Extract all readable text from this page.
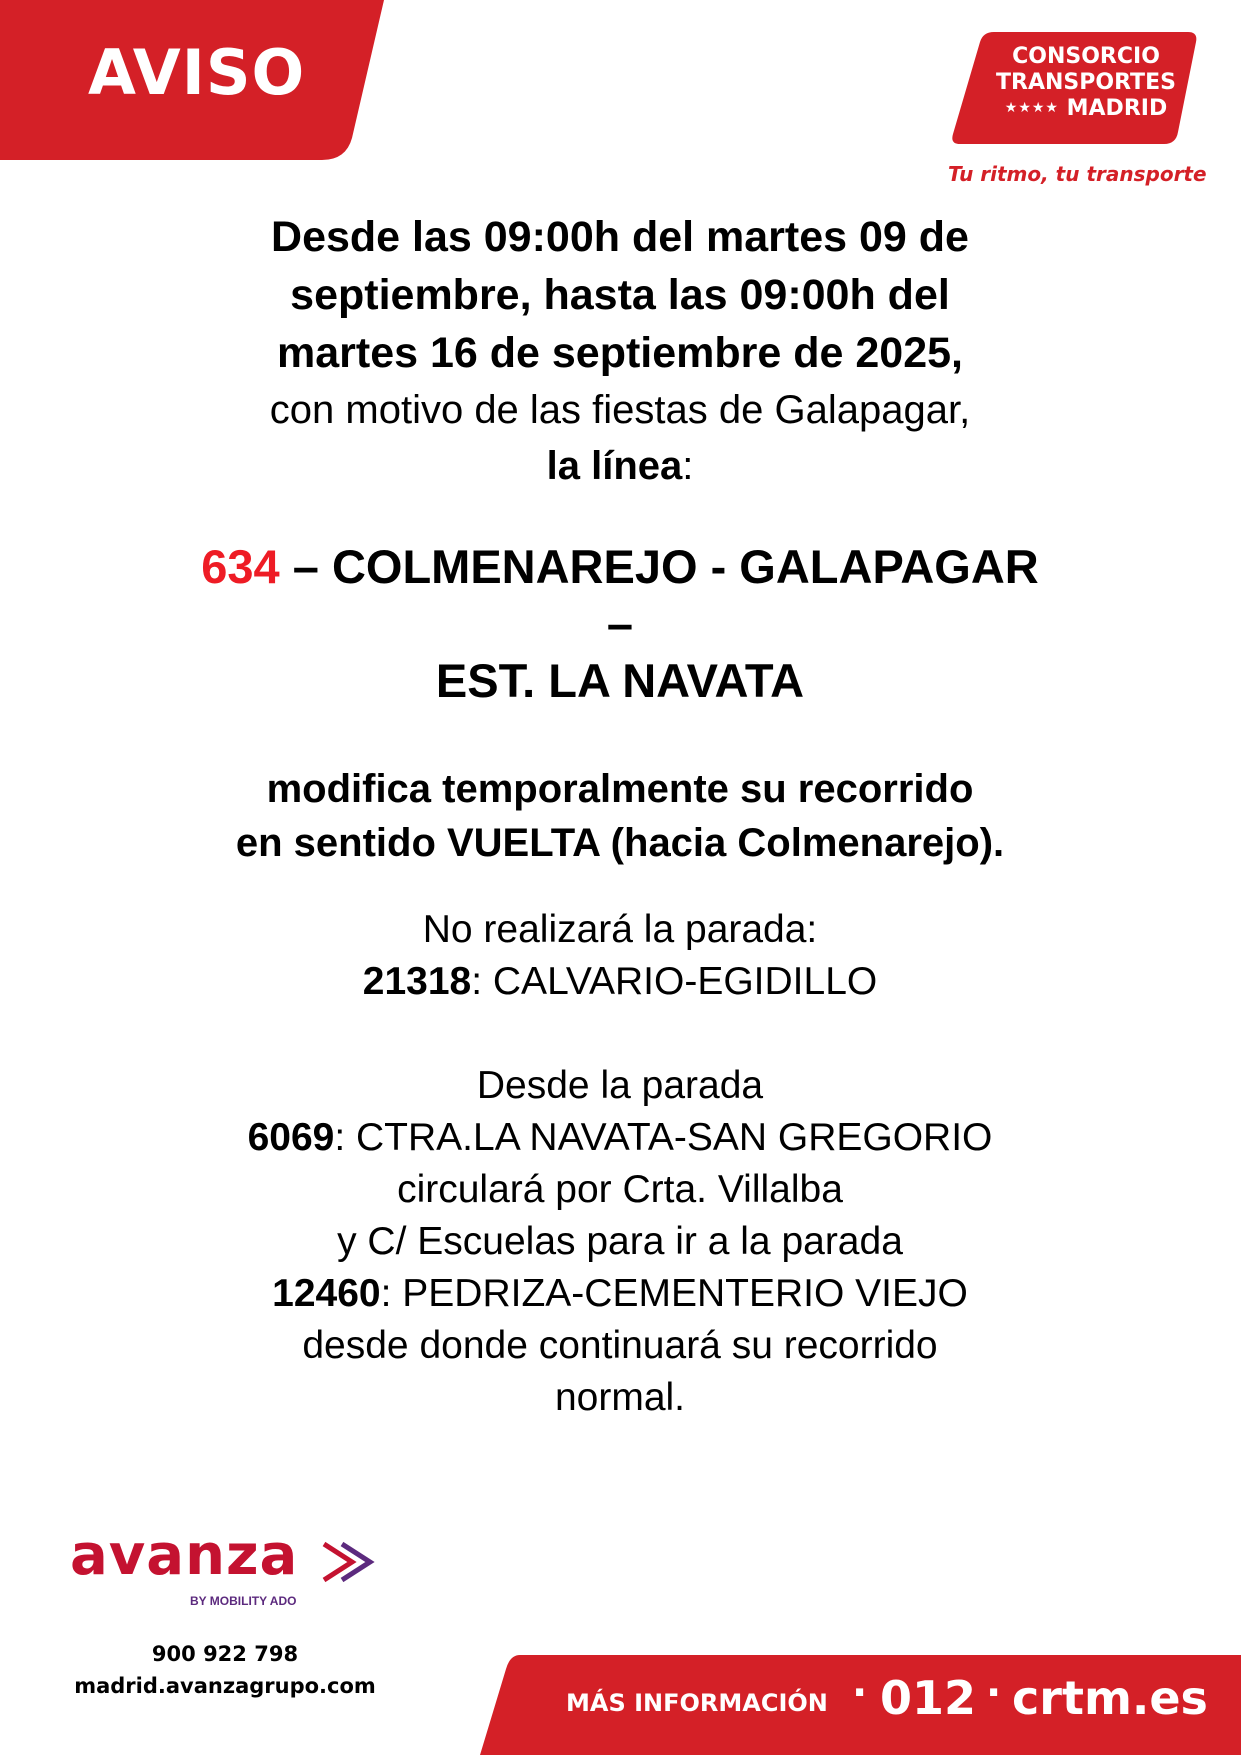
AVISO	CONSORCIO
TRANSPORTES
★★★★ MADRID
Tu ritmo, tu transporte
Desde las 09:00h del martes 09 de
septiembre, hasta las 09:00h del
martes 16 de septiembre de 2025,
con motivo de las fiestas de Galapagar,
la línea:
634 – COLMENAREJO - GALAPAGAR
–
EST. LA NAVATA
modifica temporalmente su recorrido
en sentido VUELTA (hacia Colmenarejo).
No realizará la parada:
21318: CALVARIO-EGIDILLO
Desde la parada
6069: CTRA.LA NAVATA-SAN GREGORIO
circulará por Crta. Villalba
y C/ Escuelas para ir a la parada
12460: PEDRIZA-CEMENTERIO VIEJO
desde donde continuará su recorrido
normal.
avanza
BY MOBILITY ADO
900 922 798
madrid.avanzagrupo.com
MÁS INFORMACIÓN · 012 · crtm.es
